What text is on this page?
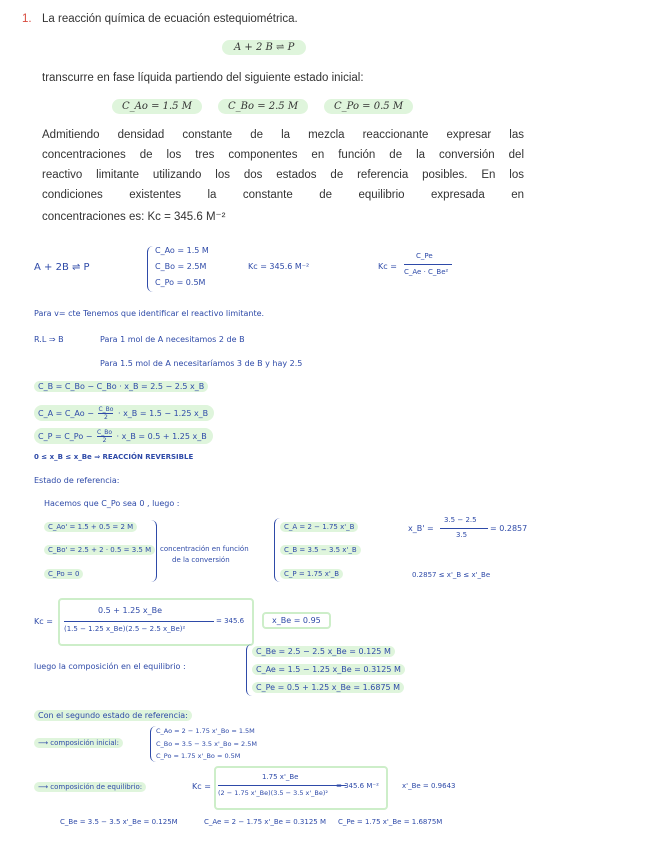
1. La reacción química de ecuación estequiométrica.
A + 2 B ⇌ P
transcurre en fase líquida partiendo del siguiente estado inicial:
C_Ao = 1.5 M	C_Bo = 2.5 M	C_Po = 0.5 M
Admitiendo densidad constante de la mezcla reaccionante expresar las
concentraciones de los tres componentes en función de la conversión del
reactivo limitante utilizando los dos estados de referencia posibles. En los
condiciones existentes la constante de equilibrio expresada en
concentraciones es: Kc = 345.6 M⁻²
A + 2B ⇌ P
C_Ao = 1.5 M
C_Bo = 2.5M
C_Po = 0.5M
Kc = 345.6 M⁻²	Kc =
C_Pe
C_Ae · C_Be²
Para v= cte Tenemos que identificar el reactivo limitante.
R.L ⇒ B	Para 1 mol de A necesitamos 2 de B
Para 1.5 mol de A necesitaríamos 3 de B y hay 2.5
C_B = C_Bo − C_Bo · x_B = 2.5 − 2.5 x_B
C_A = C_Ao − $\frac{C\_Bo}{2}$ · x_B = 1.5 − 1.25 x_B
C_P = C_Po − $\frac{C\_Bo}{2}$ · x_B = 0.5 + 1.25 x_B
0 ≤ x_B ≤ x_Be ⇒ REACCIÓN REVERSIBLE
Estado de referencia:
Hacemos que C_Po sea 0 , luego :
C_Ao' = 1.5 + 0.5 = 2 M
C_Bo' = 2.5 + 2 · 0.5 = 3.5 M
C_Po = 0
concentración en función
de la conversión
C_A = 2 − 1.75 x'_B
C_B = 3.5 − 3.5 x'_B
C_P = 1.75 x'_B
x_B' =
3.5 − 2.5
3.5
= 0.2857
0.2857 ≤ x'_B ≤ x'_Be
Kc =
0.5 + 1.25 x_Be
(1.5 − 1.25 x_Be)(2.5 − 2.5 x_Be)²
= 345.6	x_Be = 0.95
luego la composición en el equilibrio :
C_Be = 2.5 − 2.5 x_Be = 0.125 M
C_Ae = 1.5 − 1.25 x_Be = 0.3125 M
C_Pe = 0.5 + 1.25 x_Be = 1.6875 M
Con el segundo estado de referencia:
⟶ composición inicial:
C_Ao = 2 − 1.75 x'_Bo = 1.5M
C_Bo = 3.5 − 3.5 x'_Bo = 2.5M
C_Po = 1.75 x'_Bo = 0.5M
⟶ composición de equilibrio:	Kc =
1.75 x'_Be
(2 − 1.75 x'_Be)(3.5 − 3.5 x'_Be)²
= 345.6 M⁻²	x'_Be = 0.9643
C_Be = 3.5 − 3.5 x'_Be = 0.125M	C_Ae = 2 − 1.75 x'_Be = 0.3125 M C_Pe = 1.75 x'_Be = 1.6875M
